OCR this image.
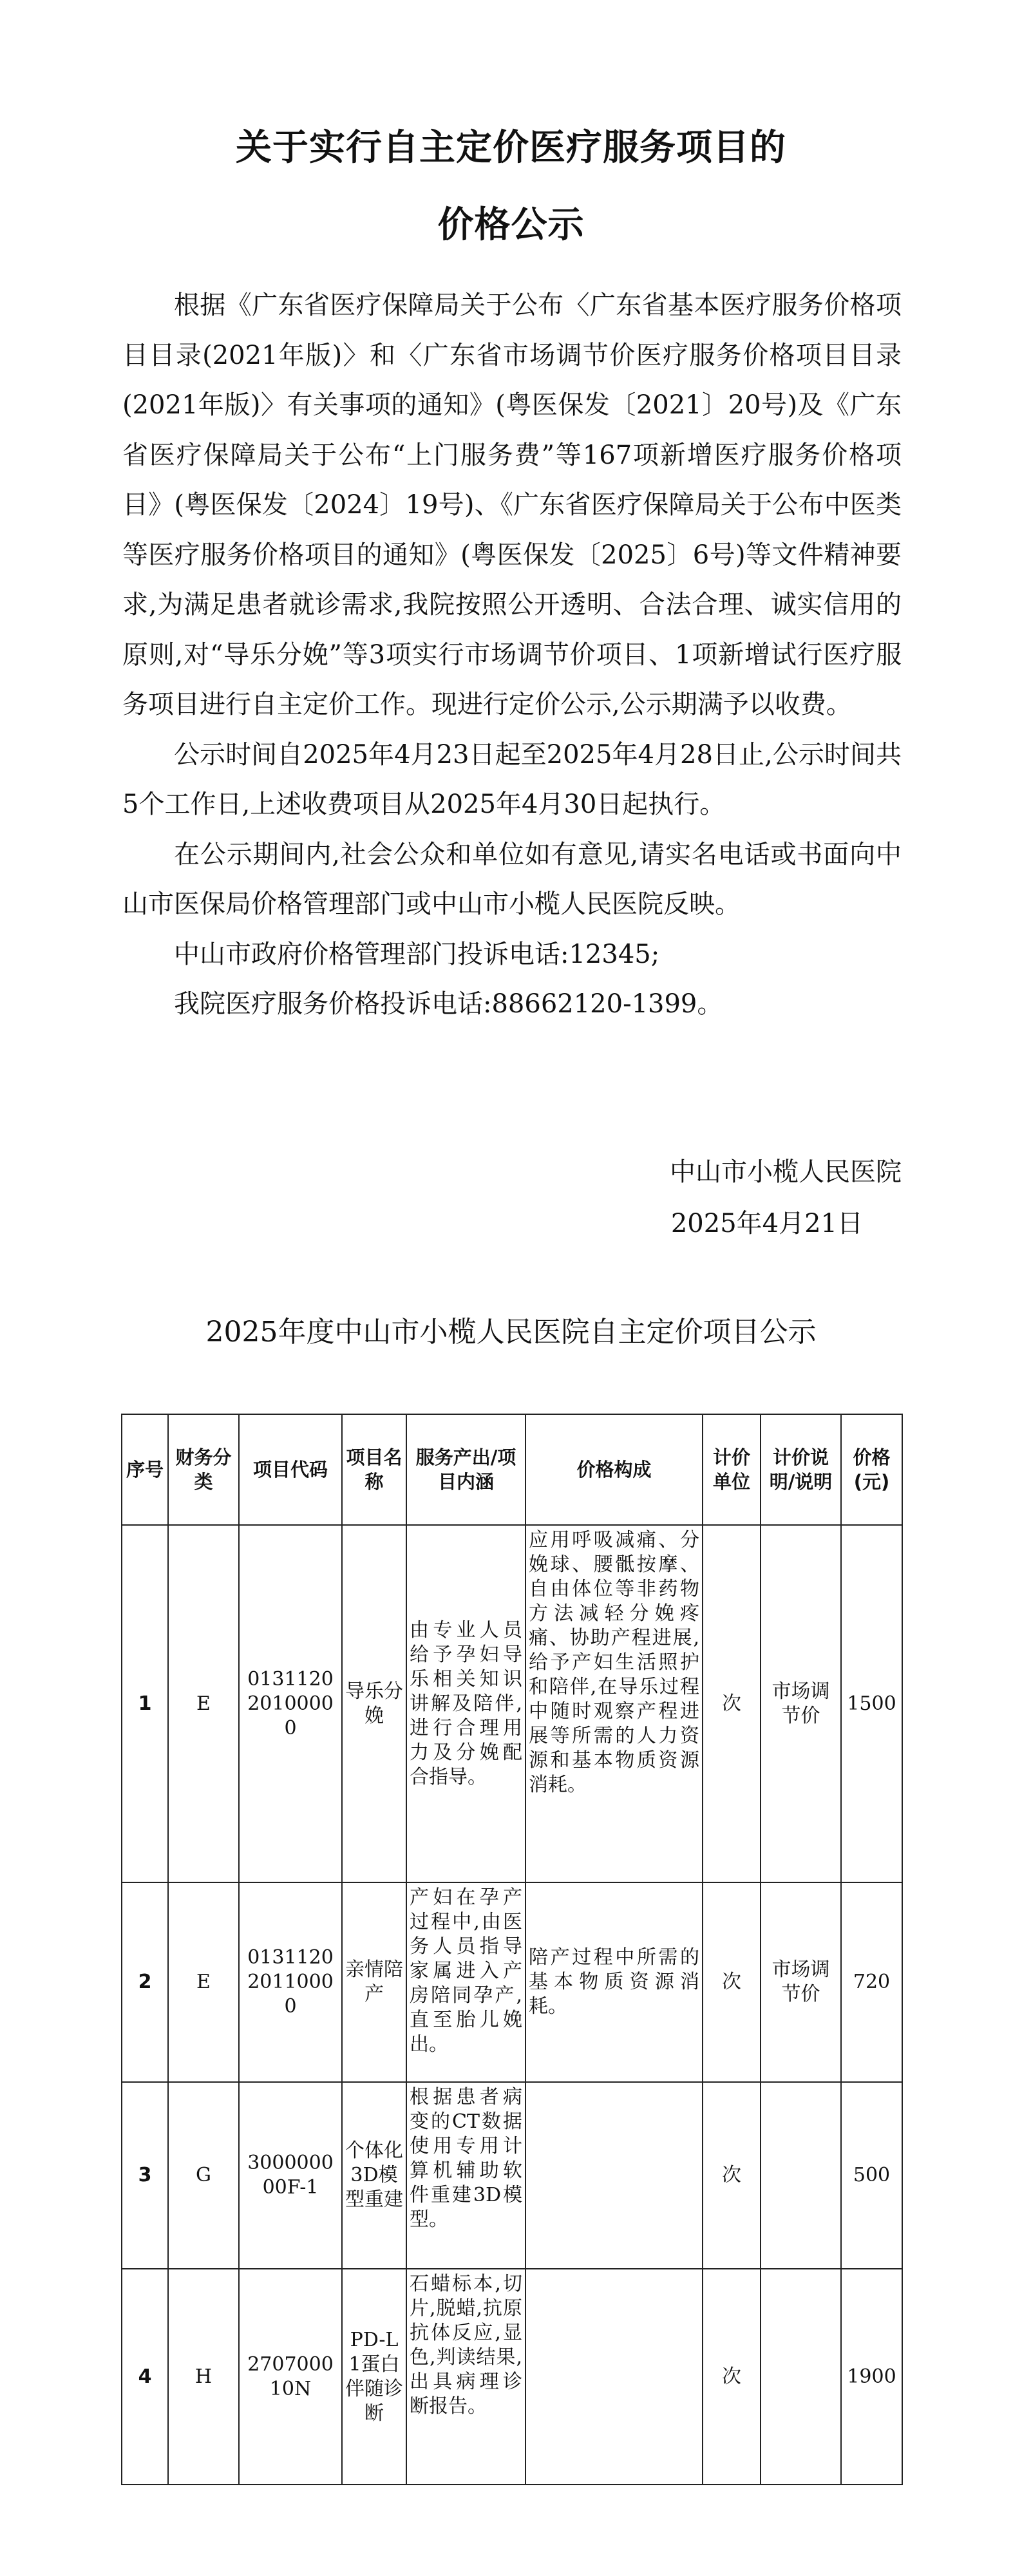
关于实行自主定价医疗服务项目的
价格公示

根据《广东省医疗保障局关于公布〈广东省基本医疗服务价格项目目录(2021年版)〉和〈广东省市场调节价医疗服务价格项目目录(2021年版)〉有关事项的通知》(粤医保发〔2021〕20号)及《广东省医疗保障局关于公布“上门服务费”等167项新增医疗服务价格项目》(粤医保发〔2024〕19号)、《广东省医疗保障局关于公布中医类等医疗服务价格项目的通知》(粤医保发〔2025〕6号)等文件精神要求,为满足患者就诊需求,我院按照公开透明、合法合理、诚实信用的原则,对“导乐分娩”等3项实行市场调节价项目、1项新增试行医疗服务项目进行自主定价工作。现进行定价公示,公示期满予以收费。

公示时间自2025年4月23日起至2025年4月28日止,公示时间共5个工作日,上述收费项目从2025年4月30日起执行。

在公示期间内,社会公众和单位如有意见,请实名电话或书面向中山市医保局价格管理部门或中山市小榄人民医院反映。

中山市政府价格管理部门投诉电话:12345;

我院医疗服务价格投诉电话:88662120-1399。

中山市小榄人民医院
2025年4月21日
2025年度中山市小榄人民医院自主定价项目公示
序号	财务分类	项目代码	项目名称	服务产出/项目内涵	价格构成	计价单位	计价说明/说明	价格(元)
1	E	013112020100000	导乐分娩	由专业人员给予孕妇导乐相关知识讲解及陪伴,进行合理用力及分娩配合指导。	应用呼吸减痛、分娩球、腰骶按摩、自由体位等非药物方法减轻分娩疼痛、协助产程进展,给予产妇生活照护和陪伴,在导乐过程中随时观察产程进展等所需的人力资源和基本物质资源消耗。	次	市场调节价	1500
2	E	013112020110000	亲情陪产	产妇在孕产过程中,由医务人员指导家属进入产房陪同孕产,直至胎儿娩出。	陪产过程中所需的基本物质资源消耗。	次	市场调节价	720
3	G	300000000F-1	个体化3D模型重建	根据患者病变的CT数据使用专用计算机辅助软件重建3D模型。		次		500
4	H	270700010N	PD-L1蛋白伴随诊断	石蜡标本,切片,脱蜡,抗原抗体反应,显色,判读结果,出具病理诊断报告。		次		1900
